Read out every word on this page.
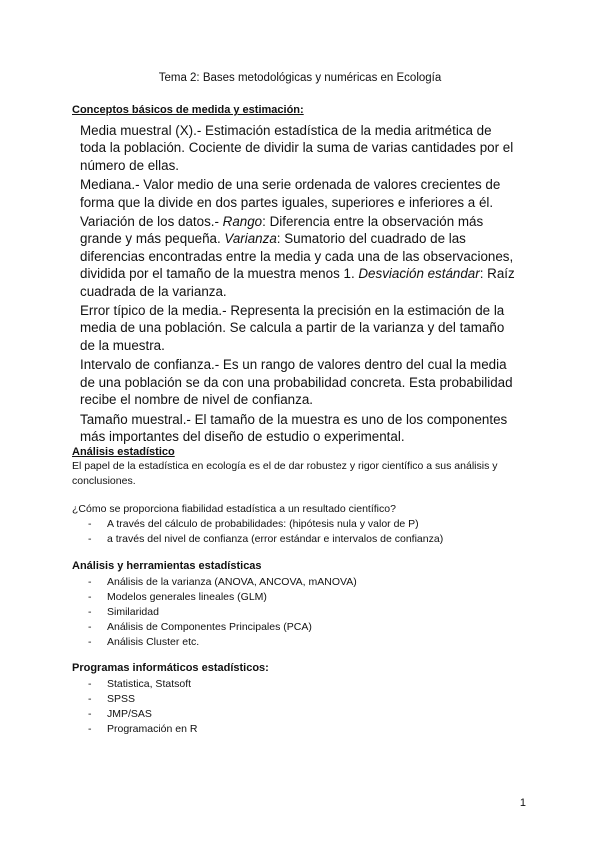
Tema 2: Bases metodológicas y numéricas en Ecología
Conceptos básicos de medida y estimación:

Media muestral (X).- Estimación estadística de la media aritmética de toda la población. Cociente de dividir la suma de varias cantidades por el número de ellas.

Mediana.- Valor medio de una serie ordenada de valores crecientes de forma que la divide en dos partes iguales, superiores e inferiores a él.

Variación de los datos.- Rango: Diferencia entre la observación más grande y más pequeña. Varianza: Sumatorio del cuadrado de las diferencias encontradas entre la media y cada una de las observaciones, dividida por el tamaño de la muestra menos 1. Desviación estándar: Raíz cuadrada de la varianza.

Error típico de la media.- Representa la precisión en la estimación de la media de una población. Se calcula a partir de la varianza y del tamaño de la muestra.

Intervalo de confianza.- Es un rango de valores dentro del cual la media de una población se da con una probabilidad concreta. Esta probabilidad recibe el nombre de nivel de confianza.

Tamaño muestral.- El tamaño de la muestra es uno de los componentes más importantes del diseño de estudio o experimental.

Análisis estadístico
El papel de la estadística en ecología es el de dar robustez y rigor científico a sus análisis y conclusiones.
¿Cómo se proporciona fiabilidad estadística a un resultado científico?
- A través del cálculo de probabilidades: (hipótesis nula y valor de P)
- a través del nivel de confianza (error estándar e intervalos de confianza)
Análisis y herramientas estadísticas
- Análisis de la varianza (ANOVA, ANCOVA, mANOVA)
- Modelos generales lineales (GLM)
- Similaridad
- Análisis de Componentes Principales (PCA)
- Análisis Cluster etc.
Programas informáticos estadísticos:
- Statistica, Statsoft
- SPSS
- JMP/SAS
- Programación en R
1
